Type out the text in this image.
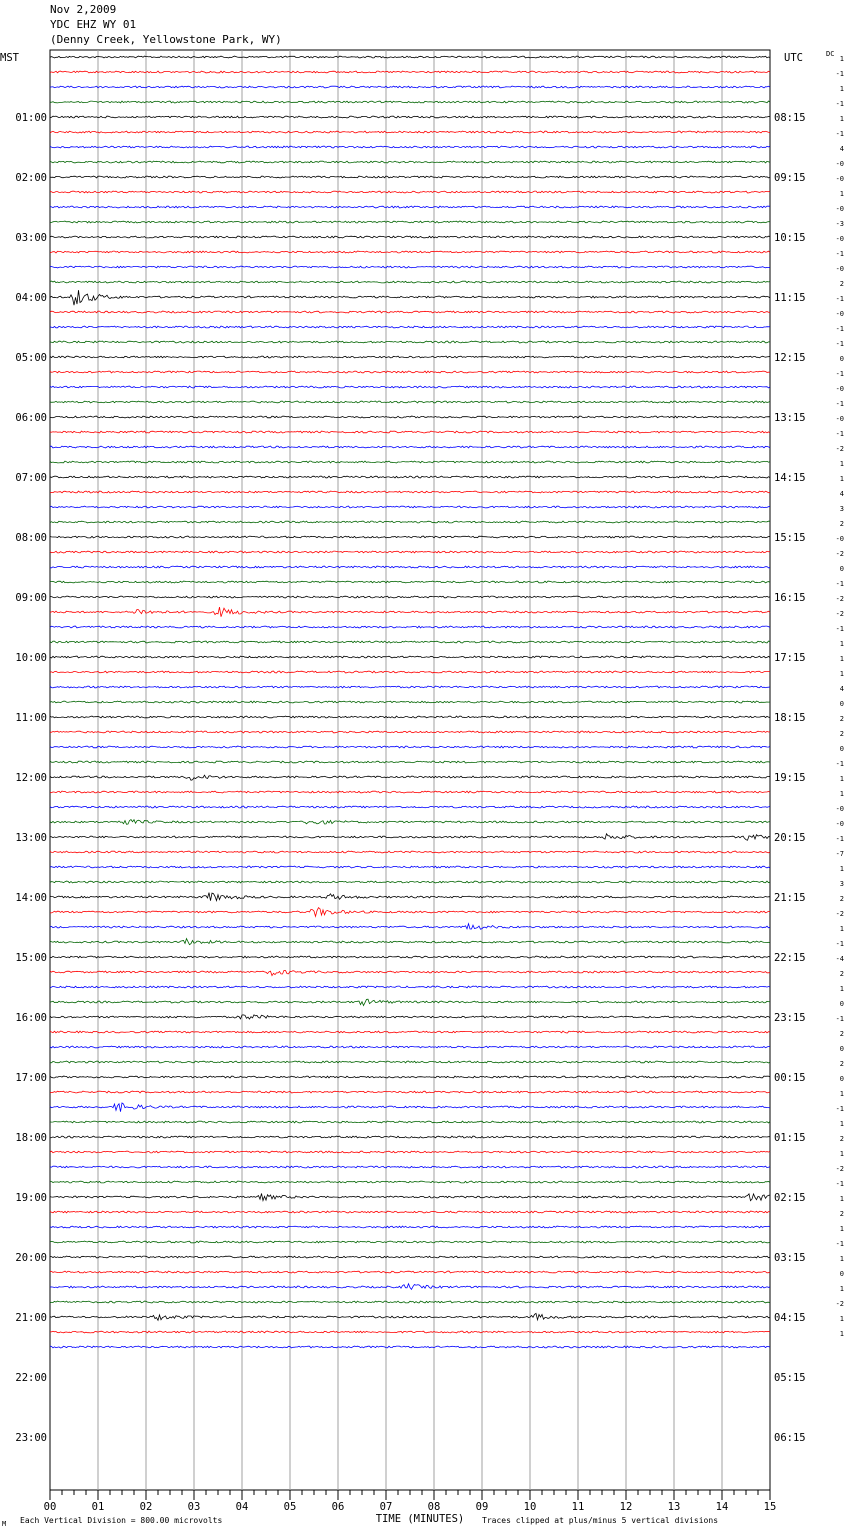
Nov 2,2009
YDC EHZ WY 01
(Denny Creek, Yellowstone Park, WY)
01:00
02:00
03:00
04:00
05:00
06:00
07:00
08:00
09:00
10:00
11:00
12:00
13:00
14:00
15:00
16:00
17:00
18:00
19:00
20:00
21:00
22:00
23:00
08:15
09:15
10:15
11:15
12:15
13:15
14:15
15:15
16:15
17:15
18:15
19:15
20:15
21:15
22:15
23:15
00:15
01:15
02:15
03:15
04:15
05:15
06:15
MST	UTC	DC
1
-1
1
-1
1
-1
4
-0
-0
1
-0
-3
-0
-1
-0
2
-1
-0
-1
-1
0
-1
-0
-1
-0
-1
-2
1
1
4
3
2
-0
-2
0
-1
-2
-2
-1
1
1
1
4
0
2
2
0
-1
1
1
-0
-0
-1
-7
1
3
2
-2
1
-1
-4
2
1
0
-1
2
0
2
0
1
-1
1
2
1
-2
-1
1
2
1
-1
1
0
1
-2
1
1
00	01	02	03	04	05	06	07	08	09	10	11	12	13	14	15
TIME (MINUTES)
Each Vertical Division = 800.00 microvolts	Traces clipped at plus/minus 5 vertical divisions
M
